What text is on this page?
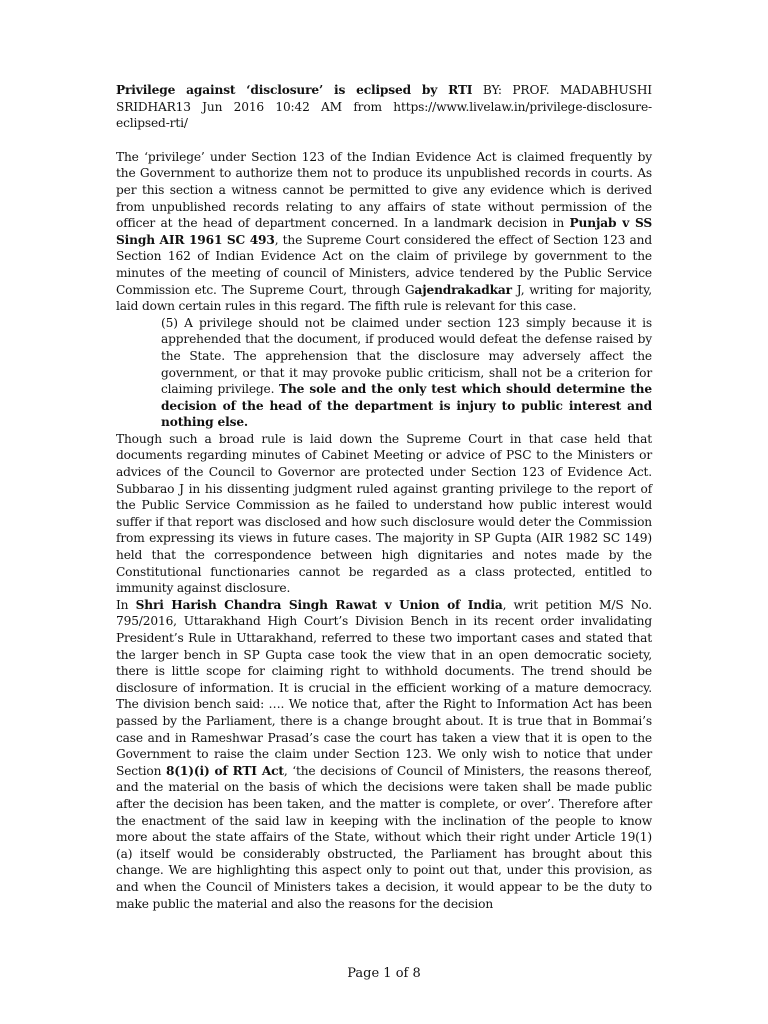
Privilege against ‘disclosure’ is eclipsed by RTI BY: PROF. MADABHUSHI SRIDHAR13 Jun 2016 10:42 AM from https://www.livelaw.in/privilege-disclosure-eclipsed-rti/

The ‘privilege’ under Section 123 of the Indian Evidence Act is claimed frequently by the Government to authorize them not to produce its unpublished records in courts. As per this section a witness cannot be permitted to give any evidence which is derived from unpublished records relating to any affairs of state without permission of the officer at the head of department concerned. In a landmark decision in Punjab v SS Singh AIR 1961 SC 493, the Supreme Court considered the effect of Section 123 and Section 162 of Indian Evidence Act on the claim of privilege by government to the minutes of the meeting of council of Ministers, advice tendered by the Public Service Commission etc. The Supreme Court, through Gajendrakadkar J, writing for majority, laid down certain rules in this regard. The fifth rule is relevant for this case.

(5) A privilege should not be claimed under section 123 simply because it is apprehended that the document, if produced would defeat the defense raised by the State. The apprehension that the disclosure may adversely affect the government, or that it may provoke public criticism, shall not be a criterion for claiming privilege. The sole and the only test which should determine the decision of the head of the department is injury to public interest and nothing else.

Though such a broad rule is laid down the Supreme Court in that case held that documents regarding minutes of Cabinet Meeting or advice of PSC to the Ministers or advices of the Council to Governor are protected under Section 123 of Evidence Act. Subbarao J in his dissenting judgment ruled against granting privilege to the report of the Public Service Commission as he failed to understand how public interest would suffer if that report was disclosed and how such disclosure would deter the Commission from expressing its views in future cases. The majority in SP Gupta (AIR 1982 SC 149) held that the correspondence between high dignitaries and notes made by the Constitutional functionaries cannot be regarded as a class protected, entitled to immunity against disclosure.

In Shri Harish Chandra Singh Rawat v Union of India, writ petition M/S No. 795/2016, Uttarakhand High Court’s Division Bench in its recent order invalidating President’s Rule in Uttarakhand, referred to these two important cases and stated that the larger bench in SP Gupta case took the view that in an open democratic society, there is little scope for claiming right to withhold documents. The trend should be disclosure of information. It is crucial in the efficient working of a mature democracy. The division bench said: …. We notice that, after the Right to Information Act has been passed by the Parliament, there is a change brought about. It is true that in Bommai’s case and in Rameshwar Prasad’s case the court has taken a view that it is open to the Government to raise the claim under Section 123. We only wish to notice that under Section 8(1)(i) of RTI Act, ‘the decisions of Council of Ministers, the reasons thereof, and the material on the basis of which the decisions were taken shall be made public after the decision has been taken, and the matter is complete, or over’. Therefore after the enactment of the said law in keeping with the inclination of the people to know more about the state affairs of the State, without which their right under Article 19(1)(a) itself would be considerably obstructed, the Parliament has brought about this change. We are highlighting this aspect only to point out that, under this provision, as and when the Council of Ministers takes a decision, it would appear to be the duty to make public the material and also the reasons for the decision

Page 1 of 8
